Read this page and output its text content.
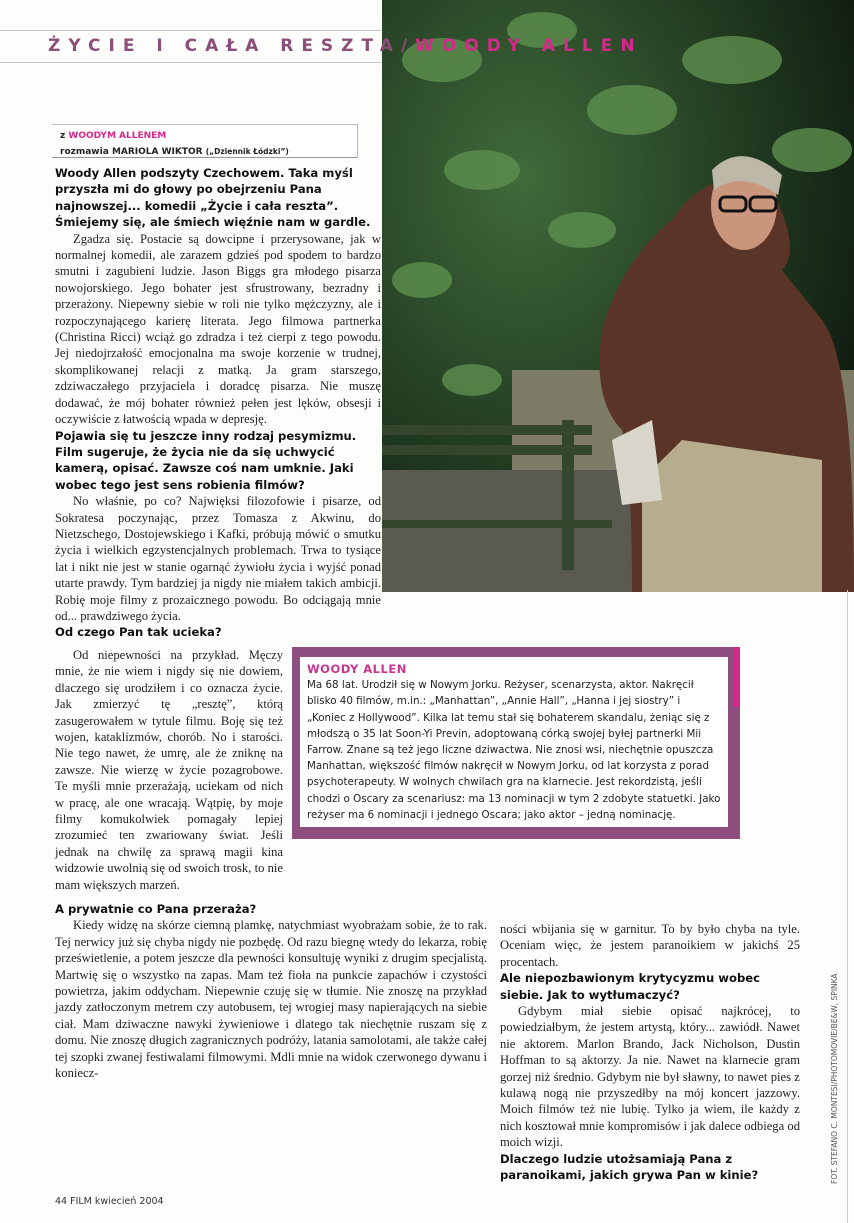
ŻYCIE I CAŁA RESZTA/WOODY ALLEN
z WOODYM ALLENEM
rozmawia MARIOLA WIKTOR („Dziennik Łódzki”)
Woody Allen podszyty Czechowem. Taka myśl przyszła mi do głowy po obejrzeniu Pana najnowszej... komedii „Życie i cała reszta”. Śmiejemy się, ale śmiech więźnie nam w gardle.

Zgadza się. Postacie są dowcipne i przerysowane, jak w normalnej komedii, ale zarazem gdzieś pod spodem to bardzo smutni i zagubieni ludzie. Jason Biggs gra młodego pisarza nowojorskiego. Jego bohater jest sfrustrowany, bezradny i przerażony. Niepewny siebie w roli nie tylko mężczyzny, ale i rozpoczynającego karierę literata. Jego filmowa partnerka (Christina Ricci) wciąż go zdradza i też cierpi z tego powodu. Jej niedojrzałość emocjonalna ma swoje korzenie w trudnej, skomplikowanej relacji z matką. Ja gram starszego, zdziwaczałego przyjaciela i doradcę pisarza. Nie muszę dodawać, że mój bohater również pełen jest lęków, obsesji i oczywiście z łatwością wpada w depresję.

Pojawia się tu jeszcze inny rodzaj pesymizmu. Film sugeruje, że życia nie da się uchwycić kamerą, opisać. Zawsze coś nam umknie. Jaki wobec tego jest sens robienia filmów?

No właśnie, po co? Najwięksi filozofowie i pisarze, od Sokratesa poczynając, przez Tomasza z Akwinu, do Nietzschego, Dostojewskiego i Kafki, próbują mówić o smutku życia i wielkich egzystencjalnych problemach. Trwa to tysiące lat i nikt nie jest w stanie ogarnąć żywiołu życia i wyjść ponad utarte prawdy. Tym bardziej ja nigdy nie miałem takich ambicji. Robię moje filmy z prozaicznego powodu. Bo odciągają mnie od... prawdziwego życia.

Od czego Pan tak ucieka?

Od niepewności na przykład. Męczy mnie, że nie wiem i nigdy się nie dowiem, dlaczego się urodziłem i co oznacza życie. Jak zmierzyć tę „resztę”, którą zasugerowałem w tytule filmu. Boję się też wojen, kataklizmów, chorób. No i starości. Nie tego nawet, że umrę, ale że zniknę na zawsze. Nie wierzę w życie pozagrobowe. Te myśli mnie przerażają, uciekam od nich w pracę, ale one wracają. Wątpię, by moje filmy komukolwiek pomagały lepiej zrozumieć ten zwariowany świat. Jeśli jednak na chwilę za sprawą magii kina widzowie uwolnią się od swoich trosk, to nie mam większych marzeń.

A prywatnie co Pana przeraża?

Kiedy widzę na skórze ciemną plamkę, natychmiast wyobrażam sobie, że to rak. Tej nerwicy już się chyba nigdy nie pozbędę. Od razu biegnę wtedy do lekarza, robię prześwietlenie, a potem jeszcze dla pewności konsultuję wyniki z drugim specjalistą. Martwię się o wszystko na zapas. Mam też fioła na punkcie zapachów i czystości powietrza, jakim oddycham. Niepewnie czuję się w tłumie. Nie znoszę na przykład jazdy zatłoczonym metrem czy autobusem, tej wrogiej masy napierających na siebie ciał. Mam dziwaczne nawyki żywieniowe i dlatego tak niechętnie ruszam się z domu. Nie znoszę długich zagranicznych podróży, latania samolotami, ale także całej tej szopki zwanej festiwalami filmowymi. Mdli mnie na widok czerwonego dywanu i koniecz-

ności wbijania się w garnitur. To by było chyba na tyle. Oceniam więc, że jestem paranoikiem w jakichś 25 procentach.

Ale niepozbawionym krytycyzmu wobec siebie. Jak to wytłumaczyć?

Gdybym miał siebie opisać najkrócej, to powiedziałbym, że jestem artystą, który... zawiódł. Nawet nie aktorem. Marlon Brando, Jack Nicholson, Dustin Hoffman to są aktorzy. Ja nie. Nawet na klarnecie gram gorzej niż średnio. Gdybym nie był sławny, to nawet pies z kulawą nogą nie przyszedłby na mój koncert jazzowy. Moich filmów też nie lubię. Tylko ja wiem, ile każdy z nich kosztował mnie kompromisów i jak dalece odbiega od moich wizji.

Dlaczego ludzie utożsamiają Pana z paranoikami, jakich grywa Pan w kinie?
WOODY ALLEN
Ma 68 lat. Urodził się w Nowym Jorku. Reżyser, scenarzysta, aktor. Nakręcił blisko 40 filmów, m.in.: „Manhattan”, „Annie Hall”, „Hanna i jej siostry” i „Koniec z Hollywood”. Kilka lat temu stał się bohaterem skandalu, żeniąc się z młodszą o 35 lat Soon-Yi Previn, adoptowaną córką swojej byłej partnerki Mii Farrow. Znane są też jego liczne dziwactwa. Nie znosi wsi, niechętnie opuszcza Manhattan, większość filmów nakręcił w Nowym Jorku, od lat korzysta z porad psychoterapeuty. W wolnych chwilach gra na klarnecie. Jest rekordzistą, jeśli chodzi o Oscary za scenariusz: ma 13 nominacji w tym 2 zdobyte statuetki. Jako reżyser ma 6 nominacji i jednego Oscara; jako aktor – jedną nominację.
FOT. STEFANO C. MONTESI/PHOTOMOVIE/BE&W, SPINKA
44 FILM kwiecień 2004
